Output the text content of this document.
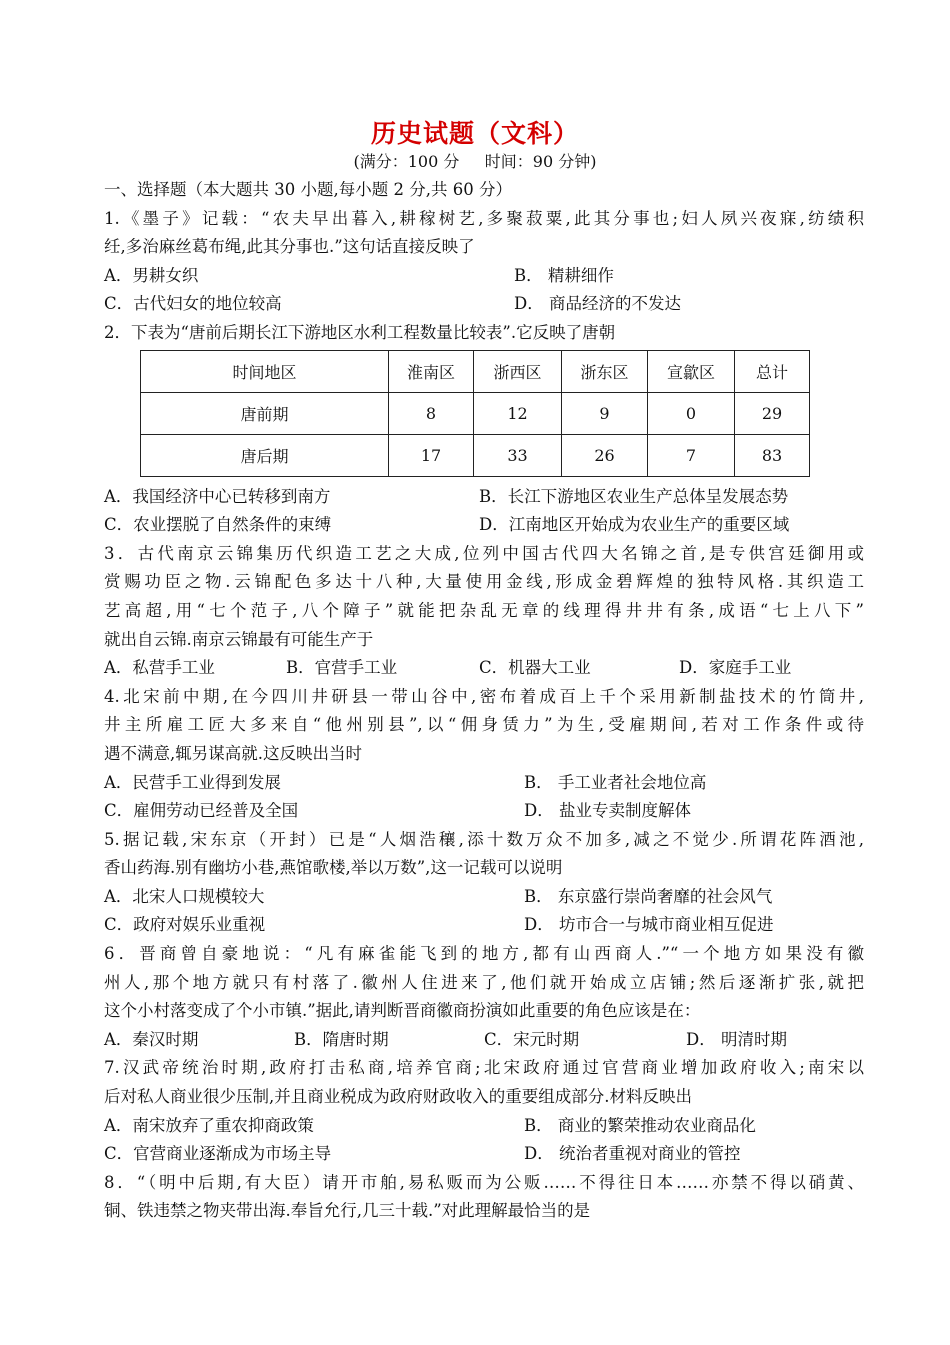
历史试题（文科）
(满分：100 分     时间：90 分钟)
一、选择题（本大题共 30 小题,每小题 2 分,共 60 分）
1.《墨子》记载：“农夫早出暮入,耕稼树艺,多聚菽粟,此其分事也;妇人夙兴夜寐,纺绩积
纴,多治麻丝葛布绳,此其分事也.”这句话直接反映了
A．男耕女织	B． 精耕细作
C．古代妇女的地位较高	D． 商品经济的不发达
2．下表为“唐前后期长江下游地区水利工程数量比较表”.它反映了唐朝
时间地区	淮南区	浙西区	浙东区	宣歙区	总计
唐前期	8	12	9	0	29
唐后期	17	33	26	7	83
A．我国经济中心已转移到南方	B．长江下游地区农业生产总体呈发展态势
C．农业摆脱了自然条件的束缚	D．江南地区开始成为农业生产的重要区域
3．古代南京云锦集历代织造工艺之大成,位列中国古代四大名锦之首,是专供宫廷御用或
赏赐功臣之物.云锦配色多达十八种,大量使用金线,形成金碧辉煌的独特风格.其织造工
艺高超,用“七个范子,八个障子”就能把杂乱无章的线理得井井有条,成语“七上八下”
就出自云锦.南京云锦最有可能生产于
A．私营手工业	B．官营手工业	C．机器大工业	D．家庭手工业
4.北宋前中期,在今四川井研县一带山谷中,密布着成百上千个采用新制盐技术的竹筒井,
井主所雇工匠大多来自“他州别县”,以“佣身赁力”为生,受雇期间,若对工作条件或待
遇不满意,辄另谋高就.这反映出当时
A．民营手工业得到发展	B． 手工业者社会地位高
C．雇佣劳动已经普及全国	D． 盐业专卖制度解体
5.据记载,宋东京（开封）已是“人烟浩穰,添十数万众不加多,减之不觉少.所谓花阵酒池,
香山药海.别有幽坊小巷,燕馆歌楼,举以万数”,这一记载可以说明
A．北宋人口规模较大	B． 东京盛行崇尚奢靡的社会风气
C．政府对娱乐业重视	D． 坊市合一与城市商业相互促进
6．晋商曾自豪地说：“凡有麻雀能飞到的地方,都有山西商人.”“一个地方如果没有徽
州人,那个地方就只有村落了.徽州人住进来了,他们就开始成立店铺;然后逐渐扩张,就把
这个小村落变成了个小市镇.”据此,请判断晋商徽商扮演如此重要的角色应该是在：
A．秦汉时期	B．隋唐时期	C．宋元时期	D． 明清时期
7.汉武帝统治时期,政府打击私商,培养官商;北宋政府通过官营商业增加政府收入;南宋以
后对私人商业很少压制,并且商业税成为政府财政收入的重要组成部分.材料反映出
A．南宋放弃了重农抑商政策	B． 商业的繁荣推动农业商品化
C．官营商业逐渐成为市场主导	D． 统治者重视对商业的管控
8．“（明中后期,有大臣）请开市舶,易私贩而为公贩……不得往日本……亦禁不得以硝黄、
铜、铁违禁之物夹带出海.奉旨允行,几三十载.”对此理解最恰当的是
